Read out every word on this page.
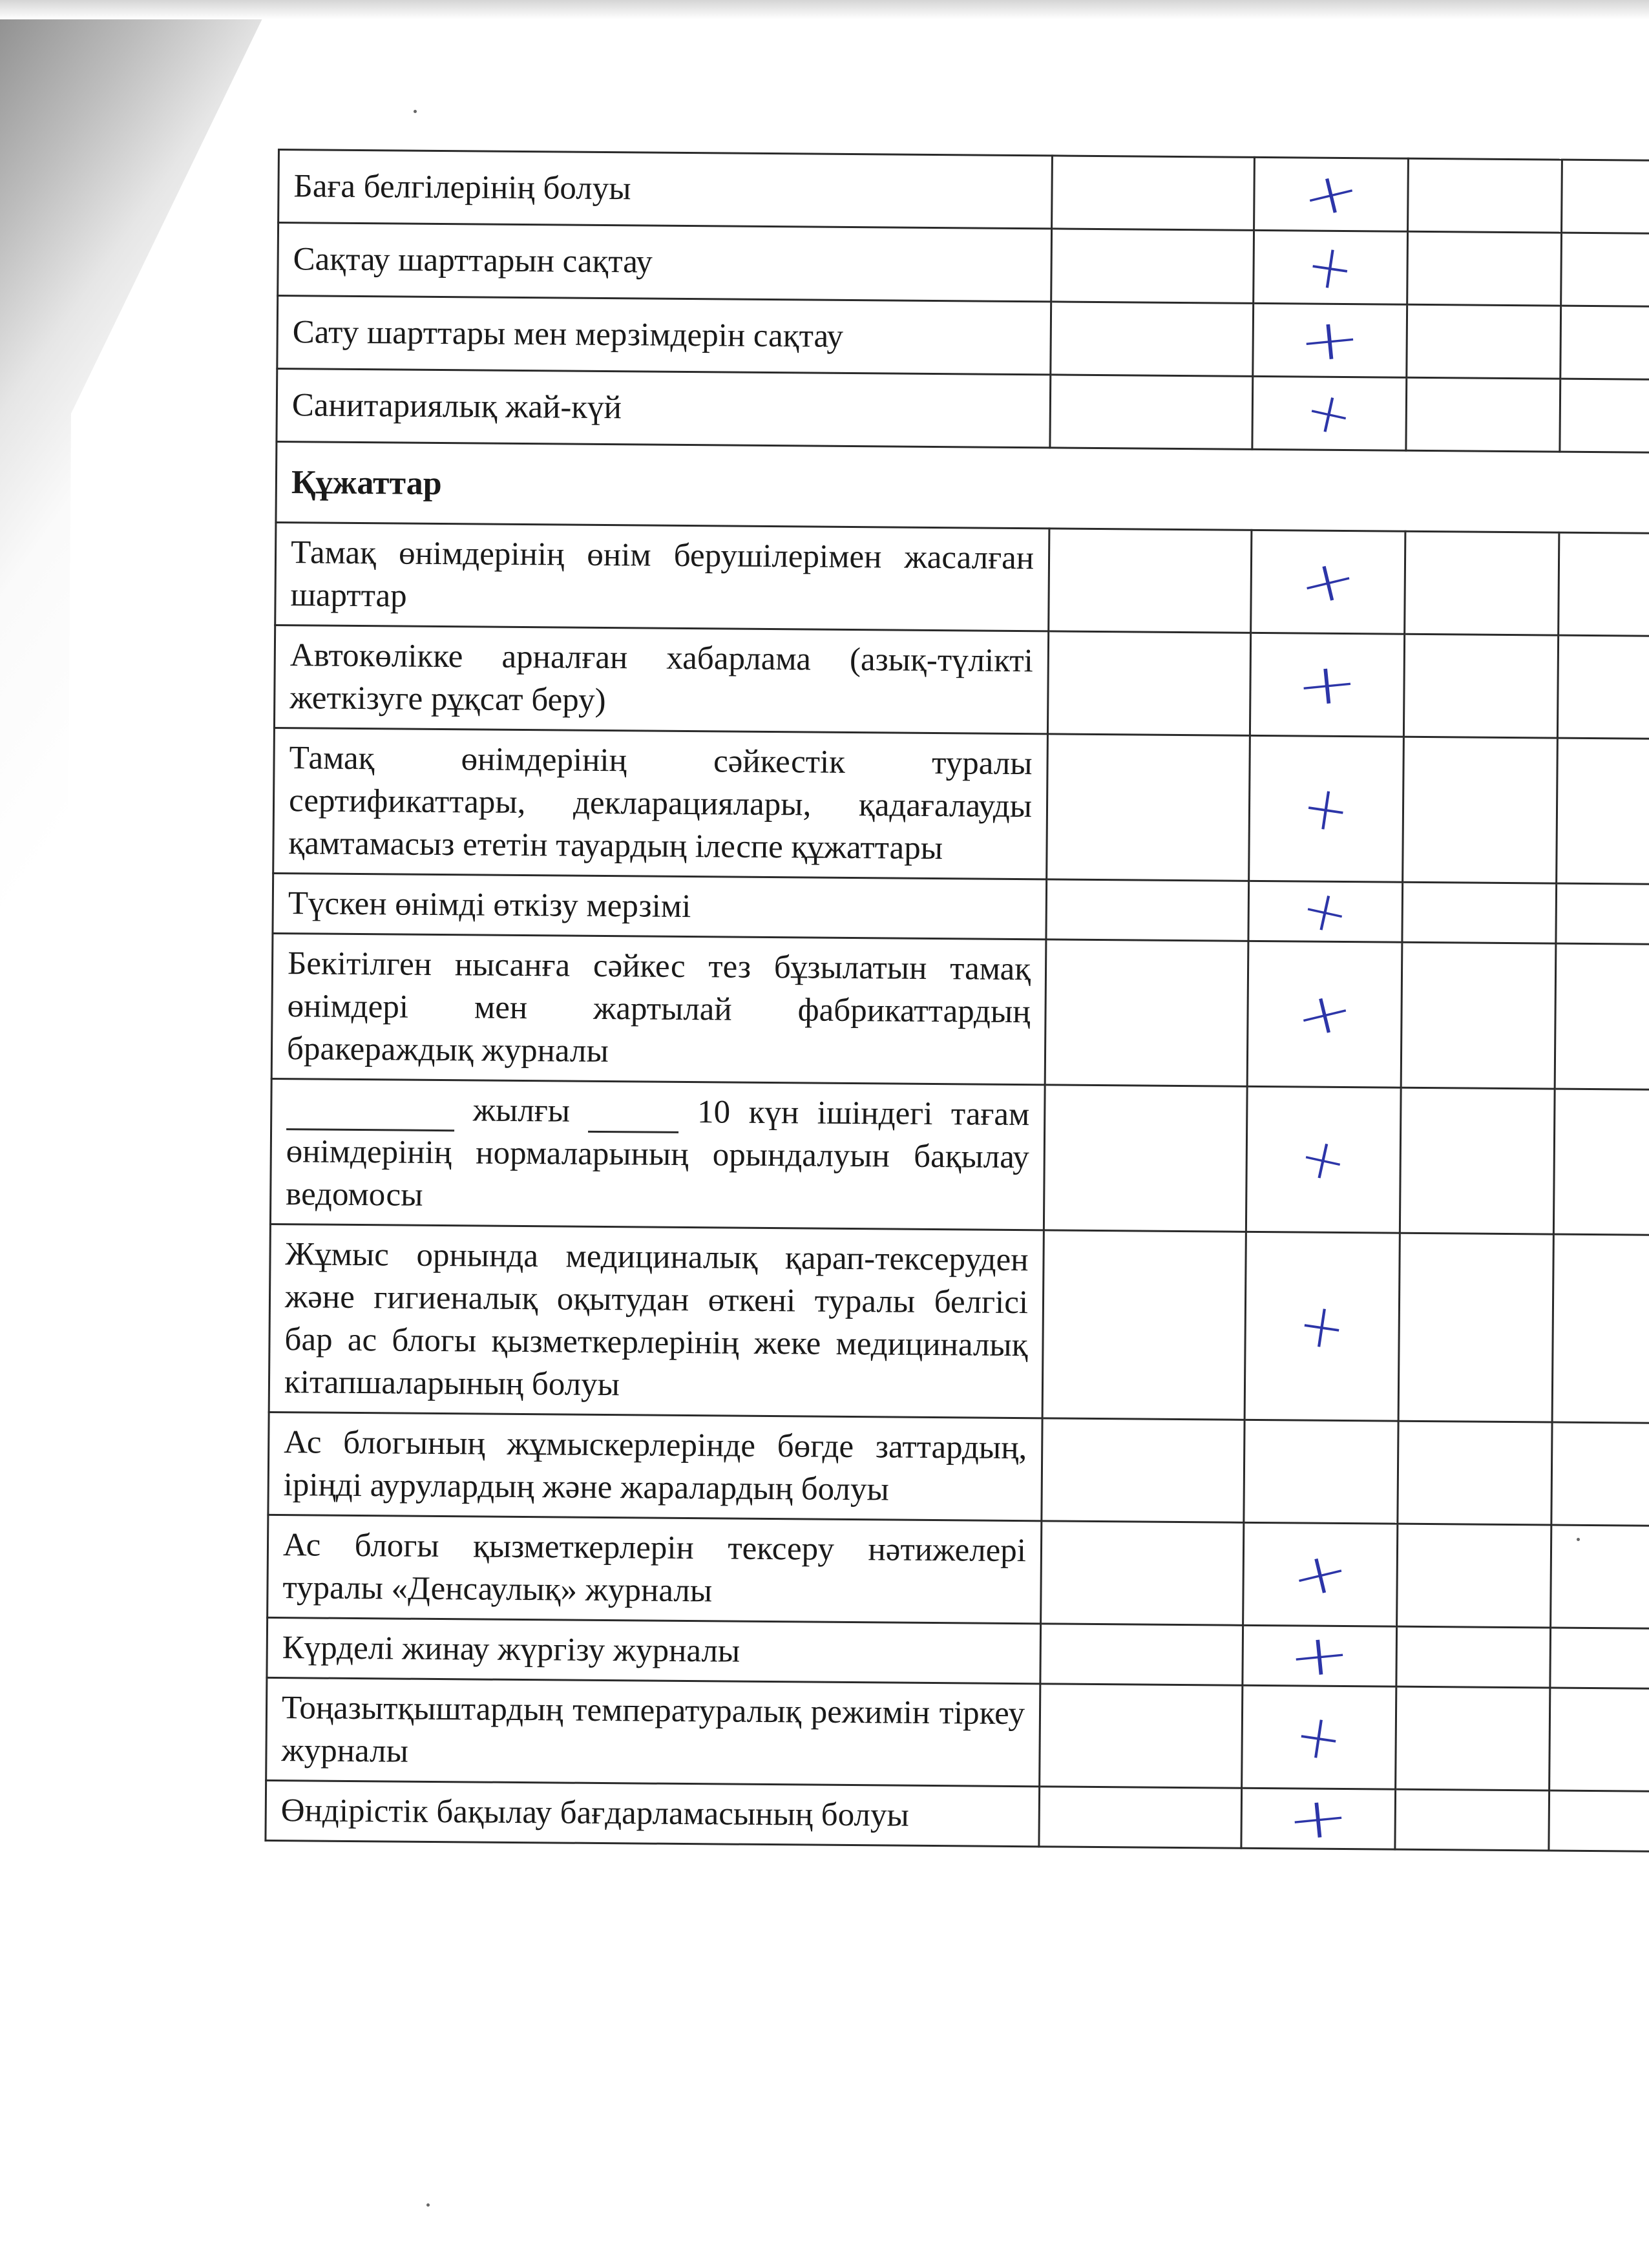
Баға белгілерінің болуы		+		
Сақтау шарттарын сақтау		+		
Сату шарттары мен мерзімдерін сақтау		+		
Санитариялық жай-күй		+		
Құжаттар				
Тамақ өнімдерінің өнім берушілерімен жасалған шарттар		+		
Автокөлікке арналған хабарлама (азық-түлікті жеткізуге рұқсат беру)		+		
Тамақ өнімдерінің сәйкестік туралы сертификаттары, декларациялары, қадағалауды қамтамасыз ететін тауардың ілеспе құжаттары		+		
Түскен өнімді өткізу мерзімі		+		
Бекітілген нысанға сәйкес тез бұзылатын тамақ өнімдері мен жартылай фабрикаттардың бракераждық журналы		+		
жылғы 10 күн ішіндегі тағам өнімдерінің нормаларының орындалуын бақылау ведомосы		+		
Жұмыс орнында медициналық қарап-тексеруден және гигиеналық оқытудан өткені туралы белгісі бар ас блогы қызметкерлерінің жеке медициналық кітапшаларының болуы		+		
Ас блогының жұмыскерлерінде бөгде заттардың, іріңді аурулардың және жаралардың болуы				
Ас блогы қызметкерлерін тексеру нәтижелері туралы «Денсаулық» журналы		+		
Күрделі жинау жүргізу журналы		+		
Тоңазытқыштардың температуралық режимін тіркеу журналы		+		
Өндірістік бақылау бағдарламасының болуы		+		
